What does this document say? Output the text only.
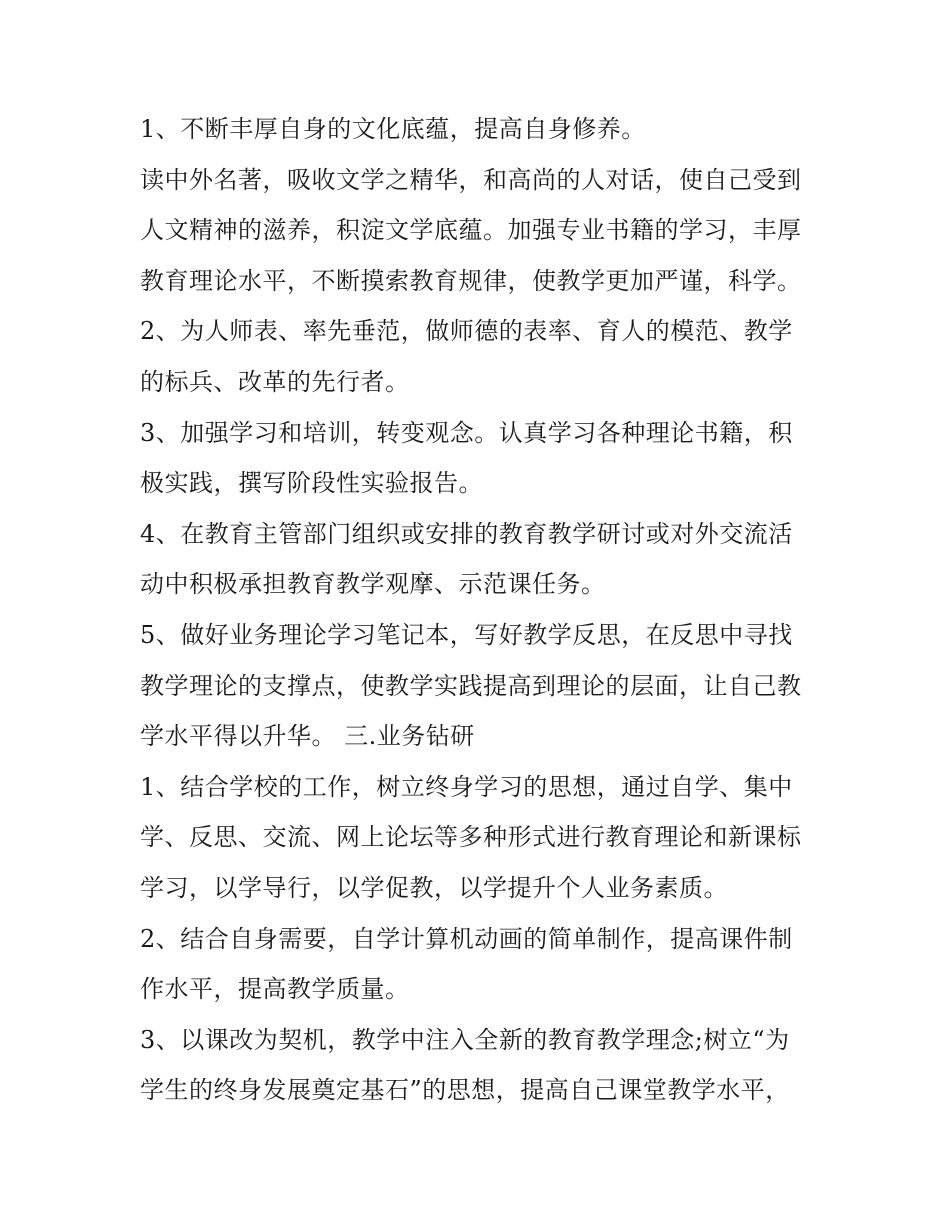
1、不断丰厚自身的文化底蕴，提高自身修养。
读中外名著，吸收文学之精华，和高尚的人对话，使自己受到
人文精神的滋养，积淀文学底蕴。加强专业书籍的学习，丰厚
教育理论水平，不断摸索教育规律，使教学更加严谨，科学。
2、为人师表、率先垂范，做师德的表率、育人的模范、教学
的标兵、改革的先行者。
3、加强学习和培训，转变观念。认真学习各种理论书籍，积
极实践，撰写阶段性实验报告。
4、在教育主管部门组织或安排的教育教学研讨或对外交流活
动中积极承担教育教学观摩、示范课任务。
5、做好业务理论学习笔记本，写好教学反思，在反思中寻找
教学理论的支撑点，使教学实践提高到理论的层面，让自己教
学水平得以升华。 三.业务钻研
1、结合学校的工作，树立终身学习的思想，通过自学、集中
学、反思、交流、网上论坛等多种形式进行教育理论和新课标
学习，以学导行，以学促教，以学提升个人业务素质。
2、结合自身需要，自学计算机动画的简单制作，提高课件制
作水平，提高教学质量。
3、以课改为契机，教学中注入全新的教育教学理念;树立“为
学生的终身发展奠定基石”的思想，提高自己课堂教学水平，
